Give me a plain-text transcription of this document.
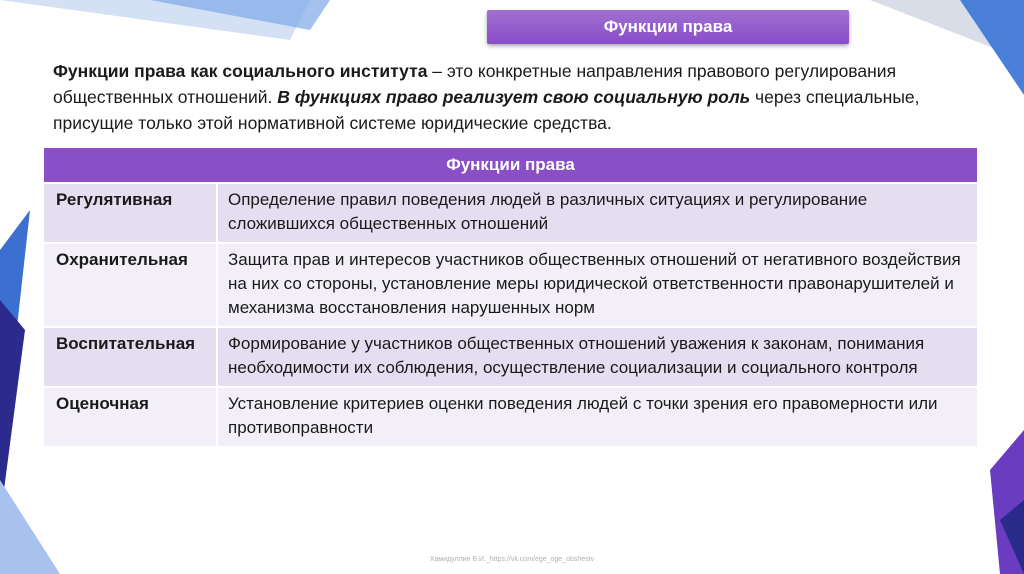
Функции права
Функции права как социального института – это конкретные направления правового регулирования общественных отношений. В функциях право реализует свою социальную роль через специальные, присущие только этой нормативной системе юридические средства.
Функции права	
Регулятивная	Определение правил поведения людей в различных ситуациях и регулирование сложившихся общественных отношений
Охранительная	Защита прав и интересов участников общественных отношений от негативного воздействия на них со стороны, установление меры юридической ответственности правонарушителей и механизма восстановления нарушенных норм
Воспитательная	Формирование у участников общественных отношений уважения к законам, понимания необходимости их соблюдения, осуществление социализации и социального контроля
Оценочная	Установление критериев оценки поведения людей с точки зрения его правомерности или противоправности
Хамидуллин Б.И._https://vk.com/ege_oge_obshestv
